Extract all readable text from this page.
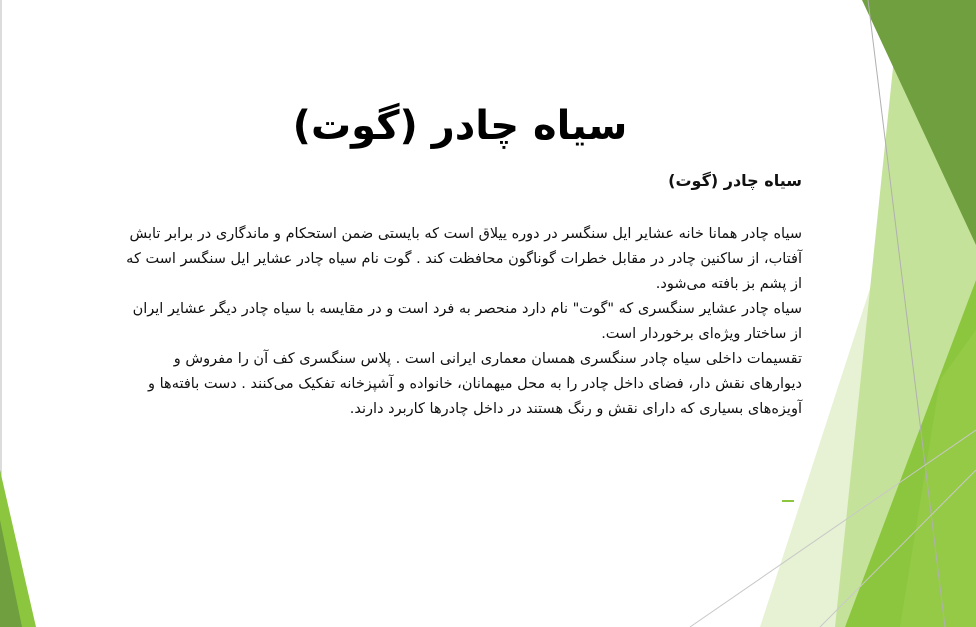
سیاه چادر (گوت)

سیاه چادر (گوت)

سیاه چادر همانا خانه عشایر ایل سنگسر در دوره ییلاق است که بایستی ضمن استحکام و ماندگاری در برابر تابش آفتاب، از ساکنین چادر در مقابل خطرات گوناگون محافظت کند . گوت نام سیاه چادر عشایر ایل سنگسر است که از پشم بز بافته می‌شود.

سیاه چادر عشایر سنگسری که "گوت" نام دارد منحصر به فرد است و در مقایسه با سیاه چادر دیگر عشایر ایران از ساختار ویژه‌ای برخوردار است.

تقسیمات داخلی سیاه چادر سنگسری همسان معماری ایرانی است . پلاس سنگسری کف آن را مفروش و دیوارهای نقش دار، فضای داخل چادر را به محل میهمانان، خانواده و آشپزخانه تفکیک می‌کنند . دست بافته‌ها و آویزه‌های بسیاری که دارای نقش و رنگ هستند در داخل چادرها کاربرد دارند.
